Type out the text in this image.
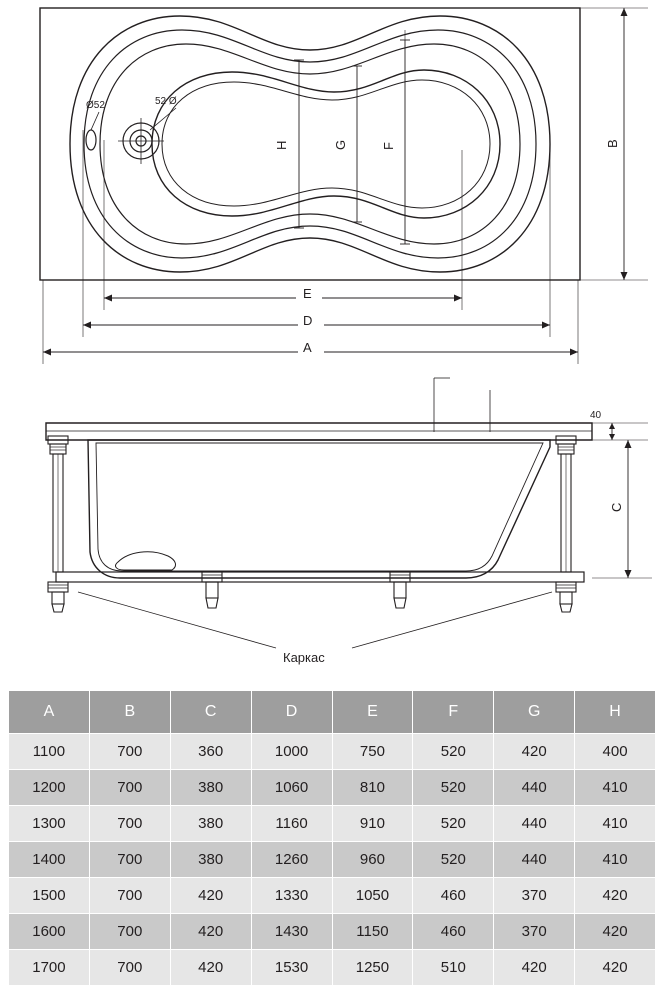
Ø52	52 Ø
H	G	F	B
E
D
A
Каркас
40
C
A	B	C	D	E	F	G	H
1100	700	360	1000	750	520	420	400
1200	700	380	1060	810	520	440	410
1300	700	380	1160	910	520	440	410
1400	700	380	1260	960	520	440	410
1500	700	420	1330	1050	460	370	420
1600	700	420	1430	1150	460	370	420
1700	700	420	1530	1250	510	420	420
